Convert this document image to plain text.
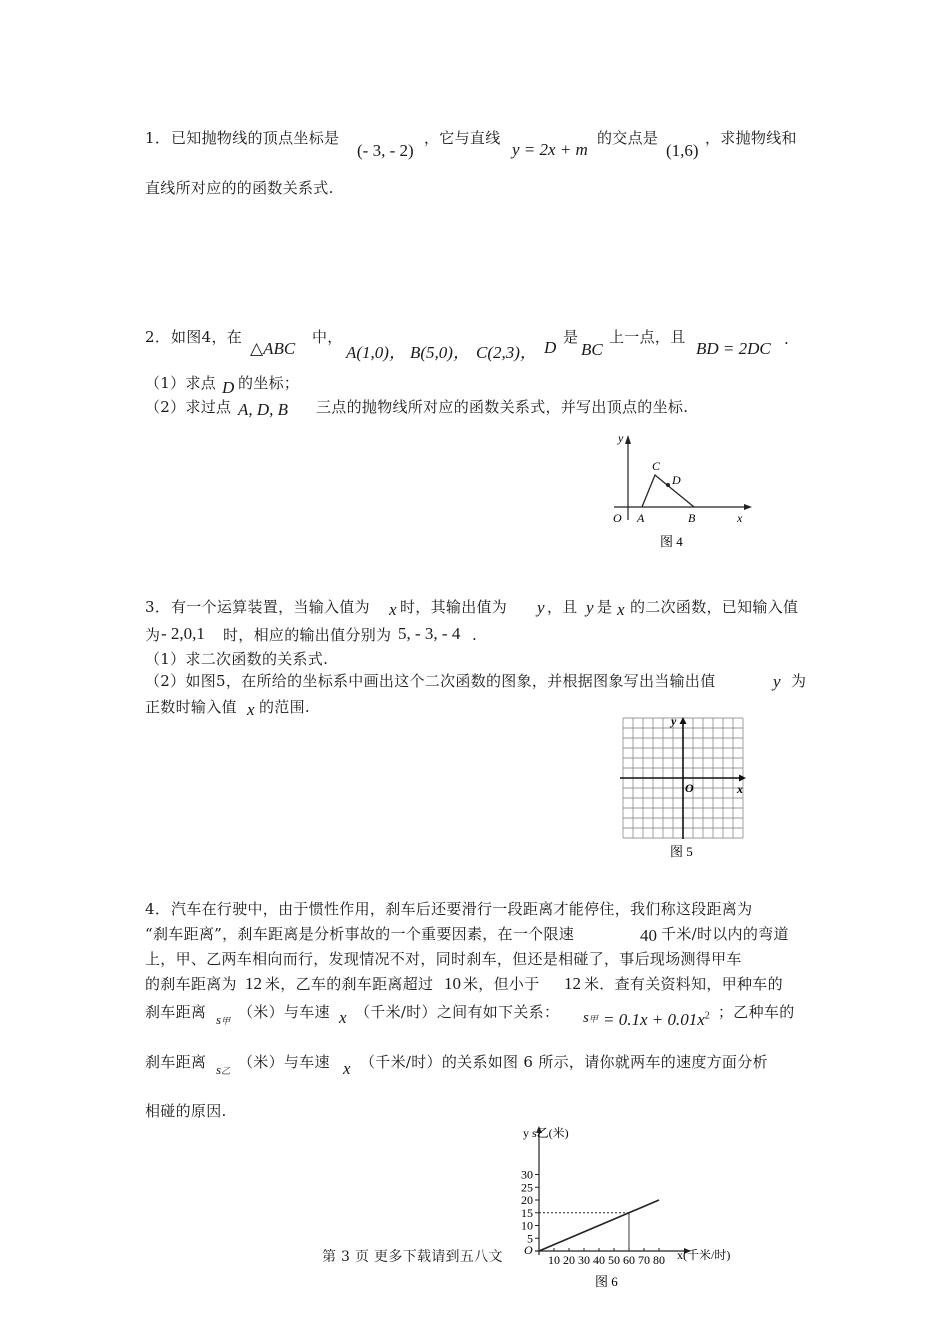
1． 已知抛物线的顶点坐标是
(- 3, - 2)
，它与直线
y = 2x + m
的交点是
(1,6)
，求抛物线和
直线所对应的的函数关系式.
2． 如图4，在
△ABC
中，
A(1,0)， B(5,0)， C(2,3)， D
是
BC
上一点，且
BD = 2DC .
（1）求点 D 的坐标；
（2）求过点 A, D, B 三点的抛物线所对应的函数关系式，并写出顶点的坐标.
y
x
O A	B
C
D
图 4
3． 有一个运算装置，当输入值为 x 时，其输出值为 y ，且 y 是 x 的二次函数，已知输入值
为 - 2,0,1 时，相应的输出值分别为 5, - 3, - 4 .
（1）求二次函数的关系式.
（2）如图5，在所给的坐标系中画出这个二次函数的图象，并根据图象写出当输出值	y 为
正数时输入值 x 的范围.
y
x
O
图 5
4． 汽车在行驶中，由于惯性作用，刹车后还要滑行一段距离才能停住，我们称这段距离为
“刹车距离”，刹车距离是分析事故的一个重要因素，在一个限速	40 千米/时以内的弯道
上，甲、乙两车相向而行，发现情况不对，同时刹车，但还是相碰了，事后现场测得甲车
的刹车距离为 12 米，乙车的刹车距离超过 10 米，但小于 12 米．查有关资料知，甲种车的
刹车距离 s甲 （米）与车速 x （千米/时）之间有如下关系： s甲 = $0.1x + 0.01x^2$ ；乙种车的
刹车距离 s乙 （米）与车速 x （千米/时）的关系如图 6 所示，请你就两车的速度方面分析
相碰的原因.
5
10
15
20
25
30
10 20 30 40 50 60 70 80
y s乙(米)
x(千米/时)
O
图 6
第 3 页 更多下载请到五八文
